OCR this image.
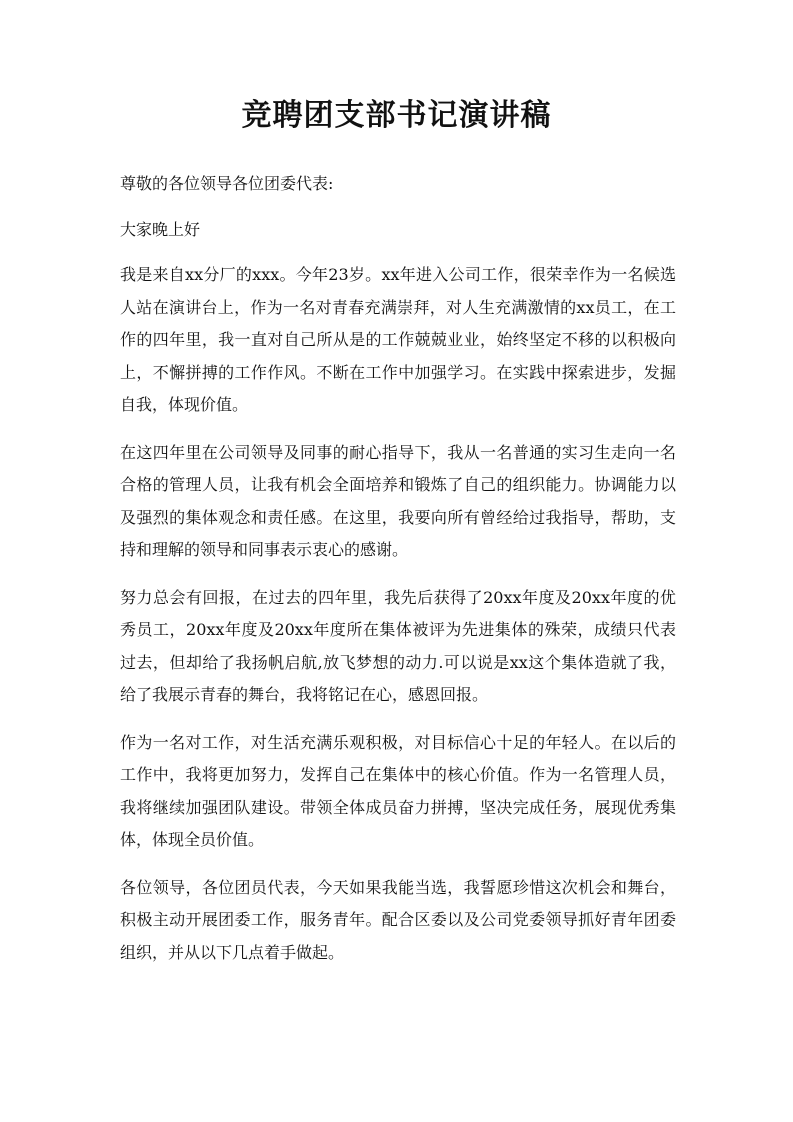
竞聘团支部书记演讲稿

尊敬的各位领导各位团委代表:

大家晚上好

我是来自xx分厂的xxx。今年23岁。xx年进入公司工作，很荣幸作为一名候选人站在演讲台上，作为一名对青春充满崇拜，对人生充满激情的xx员工，在工作的四年里，我一直对自己所从是的工作兢兢业业，始终坚定不移的以积极向上，不懈拼搏的工作作风。不断在工作中加强学习。在实践中探索进步，发掘自我，体现价值。

在这四年里在公司领导及同事的耐心指导下，我从一名普通的实习生走向一名合格的管理人员，让我有机会全面培养和锻炼了自己的组织能力。协调能力以及强烈的集体观念和责任感。在这里，我要向所有曾经给过我指导，帮助，支持和理解的领导和同事表示衷心的感谢。

努力总会有回报，在过去的四年里，我先后获得了20xx年度及20xx年度的优秀员工，20xx年度及20xx年度所在集体被评为先进集体的殊荣，成绩只代表过去，但却给了我扬帆启航,放飞梦想的动力.可以说是xx这个集体造就了我，给了我展示青春的舞台，我将铭记在心，感恩回报。

作为一名对工作，对生活充满乐观积极，对目标信心十足的年轻人。在以后的工作中，我将更加努力，发挥自己在集体中的核心价值。作为一名管理人员，我将继续加强团队建设。带领全体成员奋力拼搏，坚决完成任务，展现优秀集体，体现全员价值。

各位领导，各位团员代表，今天如果我能当选，我誓愿珍惜这次机会和舞台，积极主动开展团委工作，服务青年。配合区委以及公司党委领导抓好青年团委组织，并从以下几点着手做起。
